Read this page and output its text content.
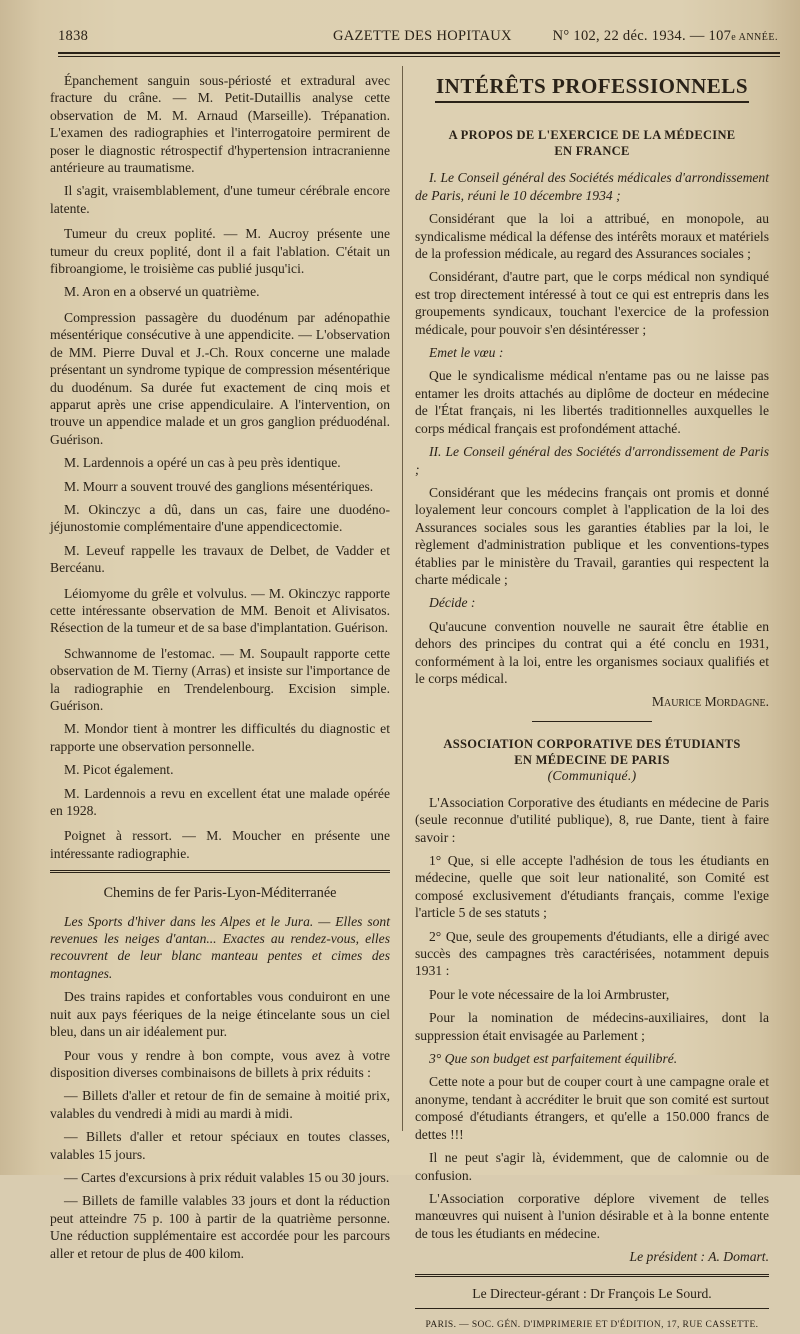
1838	GAZETTE DES HOPITAUX	N° 102, 22 déc. 1934. — 107e ANNÉE.

Épanchement sanguin sous-périosté et extradural avec fracture du crâne. — M. Petit-Dutaillis analyse cette observation de M. M. Arnaud (Marseille). Trépanation. L'examen des radiographies et l'interrogatoire permirent de poser le diagnostic rétrospectif d'hypertension intracranienne antérieure au traumatisme.

Il s'agit, vraisemblablement, d'une tumeur cérébrale encore latente.

Tumeur du creux poplité. — M. Aucroy présente une tumeur du creux poplité, dont il a fait l'ablation. C'était un fibroangiome, le troisième cas publié jusqu'ici.

M. Aron en a observé un quatrième.

Compression passagère du duodénum par adénopathie mésentérique consécutive à une appendicite. — L'observation de MM. Pierre Duval et J.-Ch. Roux concerne une malade présentant un syndrome typique de compression mésentérique du duodénum. Sa durée fut exactement de cinq mois et apparut après une crise appendiculaire. A l'intervention, on trouve un appendice malade et un gros ganglion préduodénal. Guérison.

M. Lardennois a opéré un cas à peu près identique.

M. Mourr a souvent trouvé des ganglions mésentériques.

M. Okinczyc a dû, dans un cas, faire une duodéno-jéjunostomie complémentaire d'une appendicectomie.

M. Leveuf rappelle les travaux de Delbet, de Vadder et Bercéanu.

Léiomyome du grêle et volvulus. — M. Okinczyc rapporte cette intéressante observation de MM. Benoit et Alivisatos. Résection de la tumeur et de sa base d'implantation. Guérison.

Schwannome de l'estomac. — M. Soupault rapporte cette observation de M. Tierny (Arras) et insiste sur l'importance de la radiographie en Trendelenbourg. Excision simple. Guérison.

M. Mondor tient à montrer les difficultés du diagnostic et rapporte une observation personnelle.

M. Picot également.

M. Lardennois a revu en excellent état une malade opérée en 1928.

Poignet à ressort. — M. Moucher en présente une intéressante radiographie.

Chemins de fer Paris-Lyon-Méditerranée

Les Sports d'hiver dans les Alpes et le Jura. — Elles sont revenues les neiges d'antan... Exactes au rendez-vous, elles recouvrent de leur blanc manteau pentes et cimes des montagnes.

Des trains rapides et confortables vous conduiront en une nuit aux pays féeriques de la neige étincelante sous un ciel bleu, dans un air idéalement pur.

Pour vous y rendre à bon compte, vous avez à votre disposition diverses combinaisons de billets à prix réduits :

— Billets d'aller et retour de fin de semaine à moitié prix, valables du vendredi à midi au mardi à midi.

— Billets d'aller et retour spéciaux en toutes classes, valables 15 jours.

— Cartes d'excursions à prix réduit valables 15 ou 30 jours.

— Billets de famille valables 33 jours et dont la réduction peut atteindre 75 p. 100 à partir de la quatrième personne. Une réduction supplémentaire est accordée pour les parcours aller et retour de plus de 400 kilom.

INTÉRÊTS PROFESSIONNELS
A PROPOS DE L'EXERCICE DE LA MÉDECINE
EN FRANCE

I. Le Conseil général des Sociétés médicales d'arrondissement de Paris, réuni le 10 décembre 1934 ;

Considérant que la loi a attribué, en monopole, au syndicalisme médical la défense des intérêts moraux et matériels de la profession médicale, au regard des Assurances sociales ;

Considérant, d'autre part, que le corps médical non syndiqué est trop directement intéressé à tout ce qui est entrepris dans les groupements syndicaux, touchant l'exercice de la profession médicale, pour pouvoir s'en désintéresser ;

Emet le vœu :

Que le syndicalisme médical n'entame pas ou ne laisse pas entamer les droits attachés au diplôme de docteur en médecine de l'État français, ni les libertés traditionnelles auxquelles le corps médical français est profondément attaché.

II. Le Conseil général des Sociétés d'arrondissement de Paris ;

Considérant que les médecins français ont promis et donné loyalement leur concours complet à l'application de la loi des Assurances sociales sous les garanties établies par la loi, le règlement d'administration publique et les conventions-types établies par le ministère du Travail, garanties qui respectent la charte médicale ;

Décide :

Qu'aucune convention nouvelle ne saurait être établie en dehors des principes du contrat qui a été conclu en 1931, conformément à la loi, entre les organismes sociaux qualifiés et le corps médical.

Maurice Mordagne.
ASSOCIATION CORPORATIVE DES ÉTUDIANTS
EN MÉDECINE DE PARIS
(Communiqué.)

L'Association Corporative des étudiants en médecine de Paris (seule reconnue d'utilité publique), 8, rue Dante, tient à faire savoir :

1° Que, si elle accepte l'adhésion de tous les étudiants en médecine, quelle que soit leur nationalité, son Comité est composé exclusivement d'étudiants français, comme l'exige l'article 5 de ses statuts ;

2° Que, seule des groupements d'étudiants, elle a dirigé avec succès des campagnes très caractérisées, notamment depuis 1931 :

Pour le vote nécessaire de la loi Armbruster,

Pour la nomination de médecins-auxiliaires, dont la suppression était envisagée au Parlement ;

3° Que son budget est parfaitement équilibré.

Cette note a pour but de couper court à une campagne orale et anonyme, tendant à accréditer le bruit que son comité est surtout composé d'étudiants étrangers, et qu'elle a 150.000 francs de dettes !!!

Il ne peut s'agir là, évidemment, que de calomnie ou de confusion.

L'Association corporative déplore vivement de telles manœuvres qui nuisent à l'union désirable et à la bonne entente de tous les étudiants en médecine.

Le président : A. Domart.
Le Directeur-gérant : Dr François Le Sourd.
PARIS. — SOC. GÉN. D'IMPRIMERIE ET D'ÉDITION, 17, RUE CASSETTE.
